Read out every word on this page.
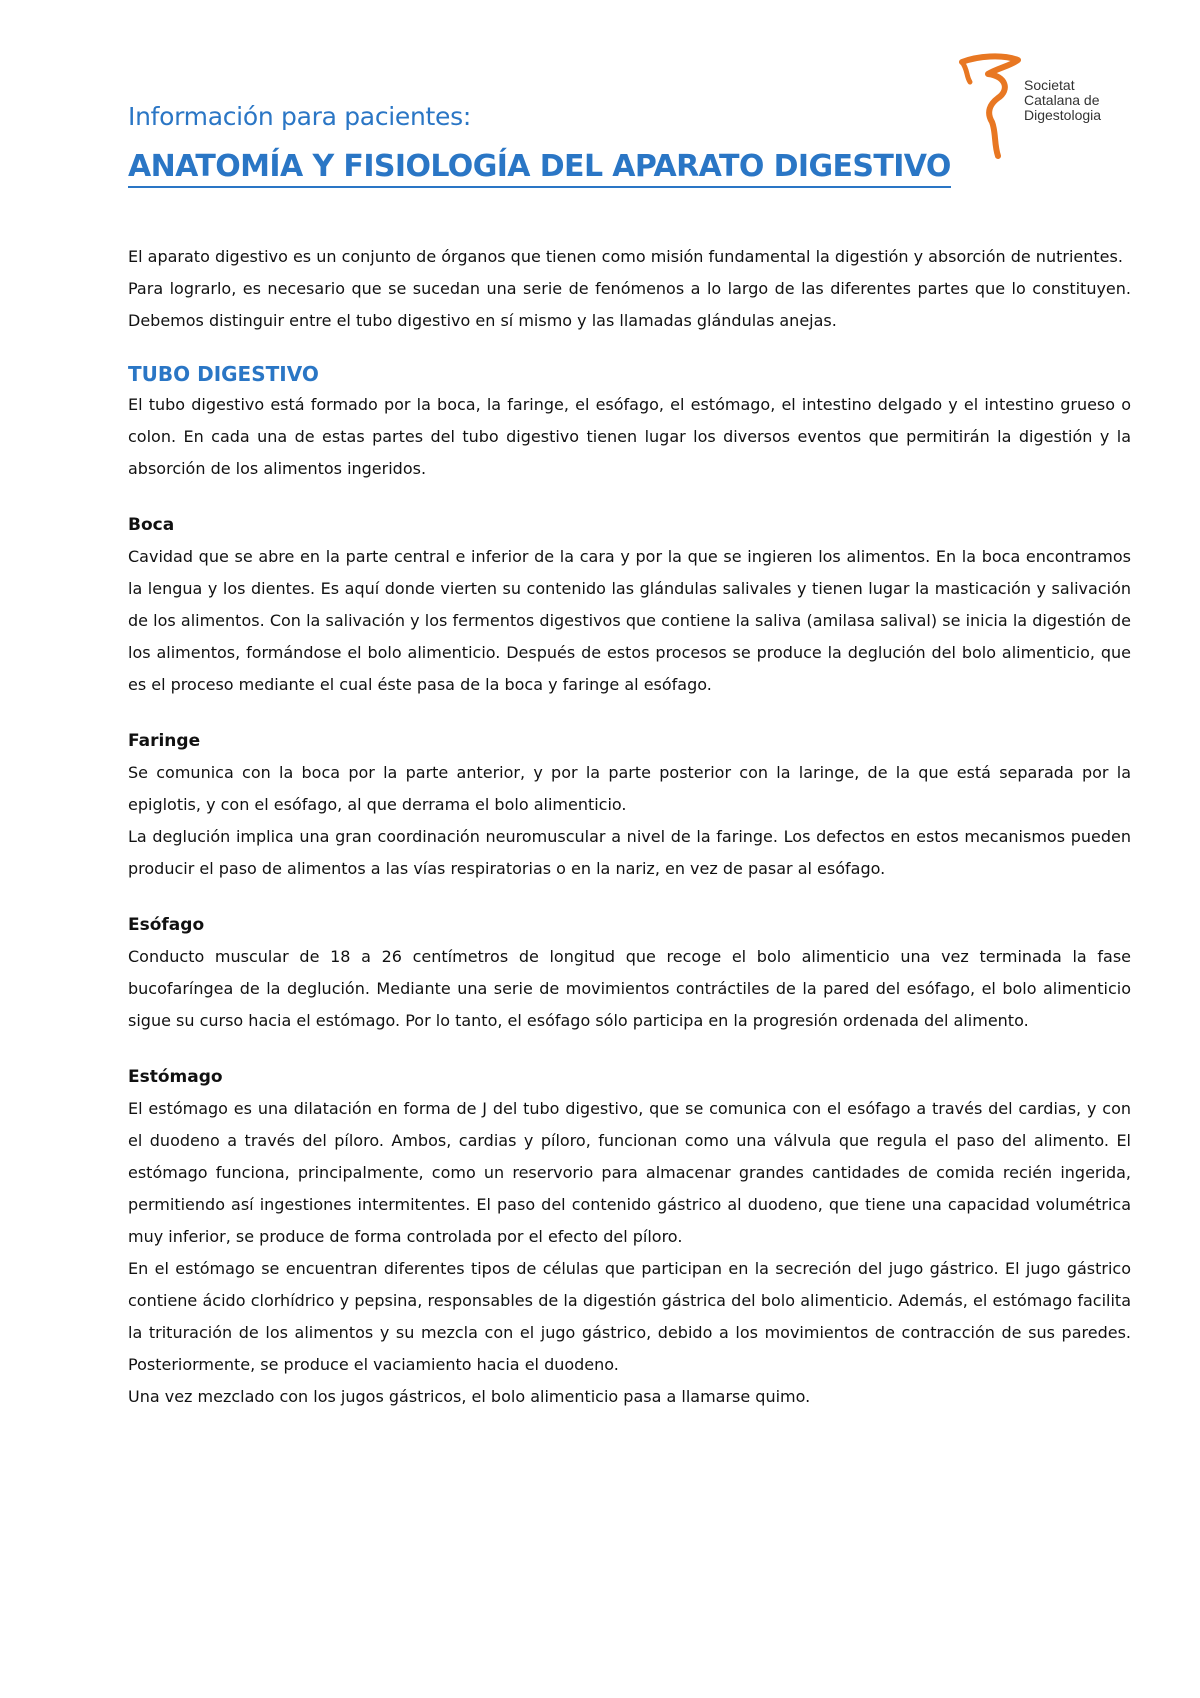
Societat
Catalana de
Digestologia

Información para pacientes:

ANATOMÍA Y FISIOLOGÍA DEL APARATO DIGESTIVO

El aparato digestivo es un conjunto de órganos que tienen como misión fundamental la digestión y absorción de nutrientes.

Para lograrlo, es necesario que se sucedan una serie de fenómenos a lo largo de las diferentes partes que lo constituyen. Debemos distinguir entre el tubo digestivo en sí mismo y las llamadas glándulas anejas.

TUBO DIGESTIVO

El tubo digestivo está formado por la boca, la faringe, el esófago, el estómago, el intestino delgado y el intestino grueso o colon. En cada una de estas partes del tubo digestivo tienen lugar los diversos eventos que permitirán la digestión y la absorción de los alimentos ingeridos.

Boca

Cavidad que se abre en la parte central e inferior de la cara y por la que se ingieren los alimentos. En la boca encontramos la lengua y los dientes. Es aquí donde vierten su contenido las glándulas salivales y tienen lugar la masticación y salivación de los alimentos. Con la salivación y los fermentos digestivos que contiene la saliva (amilasa salival) se inicia la digestión de los alimentos, formándose el bolo alimenticio. Después de estos procesos se produce la deglución del bolo alimenticio, que es el proceso mediante el cual éste pasa de la boca y faringe al esófago.

Faringe

Se comunica con la boca por la parte anterior, y por la parte posterior con la laringe, de la que está separada por la epiglotis, y con el esófago, al que derrama el bolo alimenticio.

La deglución implica una gran coordinación neuromuscular a nivel de la faringe. Los defectos en estos mecanismos pueden producir el paso de alimentos a las vías respiratorias o en la nariz, en vez de pasar al esófago.

Esófago

Conducto muscular de 18 a 26 centímetros de longitud que recoge el bolo alimenticio una vez terminada la fase bucofaríngea de la deglución. Mediante una serie de movimientos contráctiles de la pared del esófago, el bolo alimenticio sigue su curso hacia el estómago. Por lo tanto, el esófago sólo participa en la progresión ordenada del alimento.

Estómago

El estómago es una dilatación en forma de J del tubo digestivo, que se comunica con el esófago a través del cardias, y con el duodeno a través del píloro. Ambos, cardias y píloro, funcionan como una válvula que regula el paso del alimento. El estómago funciona, principalmente, como un reservorio para almacenar grandes cantidades de comida recién ingerida, permitiendo así ingestiones intermitentes. El paso del contenido gástrico al duodeno, que tiene una capacidad volumétrica muy inferior, se produce de forma controlada por el efecto del píloro.

En el estómago se encuentran diferentes tipos de células que participan en la secreción del jugo gástrico. El jugo gástrico contiene ácido clorhídrico y pepsina, responsables de la digestión gástrica del bolo alimenticio. Además, el estómago facilita la trituración de los alimentos y su mezcla con el jugo gástrico, debido a los movimientos de contracción de sus paredes. Posteriormente, se produce el vaciamiento hacia el duodeno.

Una vez mezclado con los jugos gástricos, el bolo alimenticio pasa a llamarse quimo.
